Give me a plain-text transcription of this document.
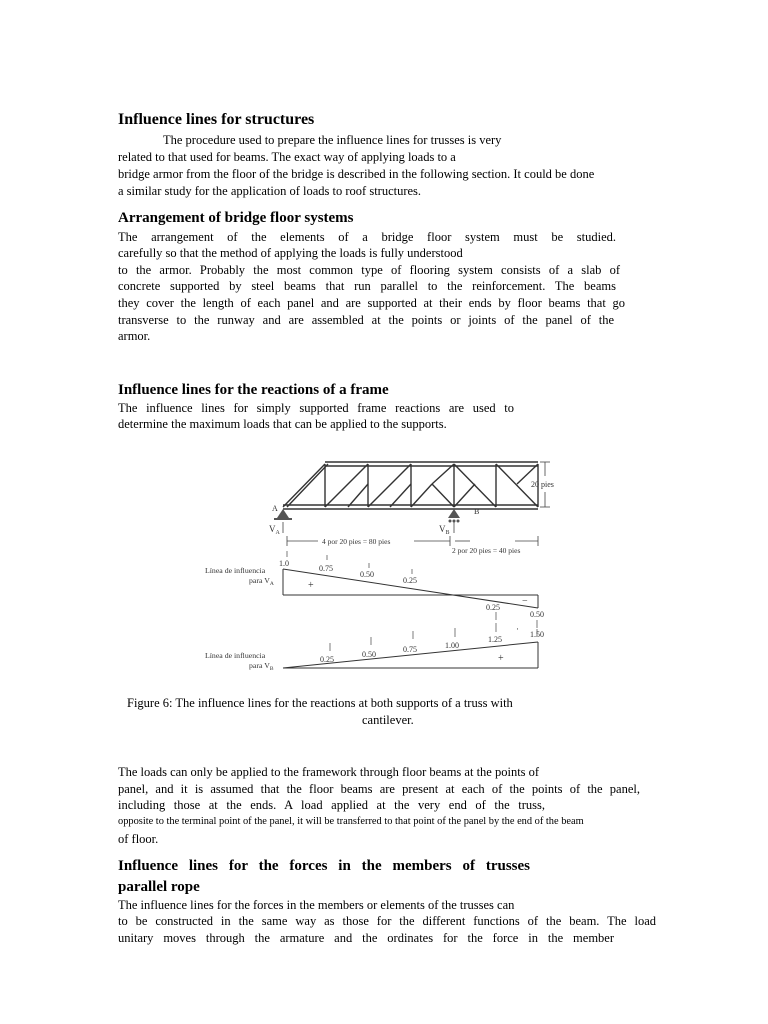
Influence lines for structures
The procedure used to prepare the influence lines for trusses is very
related to that used for beams. The exact way of applying loads to a
bridge armor from the floor of the bridge is described in the following section. It could be done
a similar study for the application of loads to roof structures.
Arrangement of bridge floor systems
The arrangement of the elements of a bridge floor system must be studied.
carefully so that the method of applying the loads is fully understood
to the armor. Probably the most common type of flooring system consists of a slab of
concrete supported by steel beams that run parallel to the reinforcement. The beams
they cover the length of each panel and are supported at their ends by floor beams that go
transverse to the runway and are assembled at the points or joints of the panel of the
armor.
Influence lines for the reactions of a frame
The influence lines for simply supported frame reactions are used to
determine the maximum loads that can be applied to the supports.
20 pies
A	B
$V_A$	$V_B$
4 por 20 pies = 80 pies
2 por 20 pies = 40 pies
1.0
0.75
0.50
0.25
0.25
0.50
+
−
Línea de influencia
para $V_A$
0.25
0.50
0.75	1.00
1.25
1.50
·
+
Línea de influencia
para $V_B$
Figure 6: The influence lines for the reactions at both supports of a truss with
cantilever.
The loads can only be applied to the framework through floor beams at the points of
panel, and it is assumed that the floor beams are present at each of the points of the panel,
including those at the ends. A load applied at the very end of the truss,
opposite to the terminal point of the panel, it will be transferred to that point of the panel by the end of the beam
of floor.
Influence lines for the forces in the members of trusses
parallel rope
The influence lines for the forces in the members or elements of the trusses can
to be constructed in the same way as those for the different functions of the beam. The load
unitary moves through the armature and the ordinates for the force in the member
